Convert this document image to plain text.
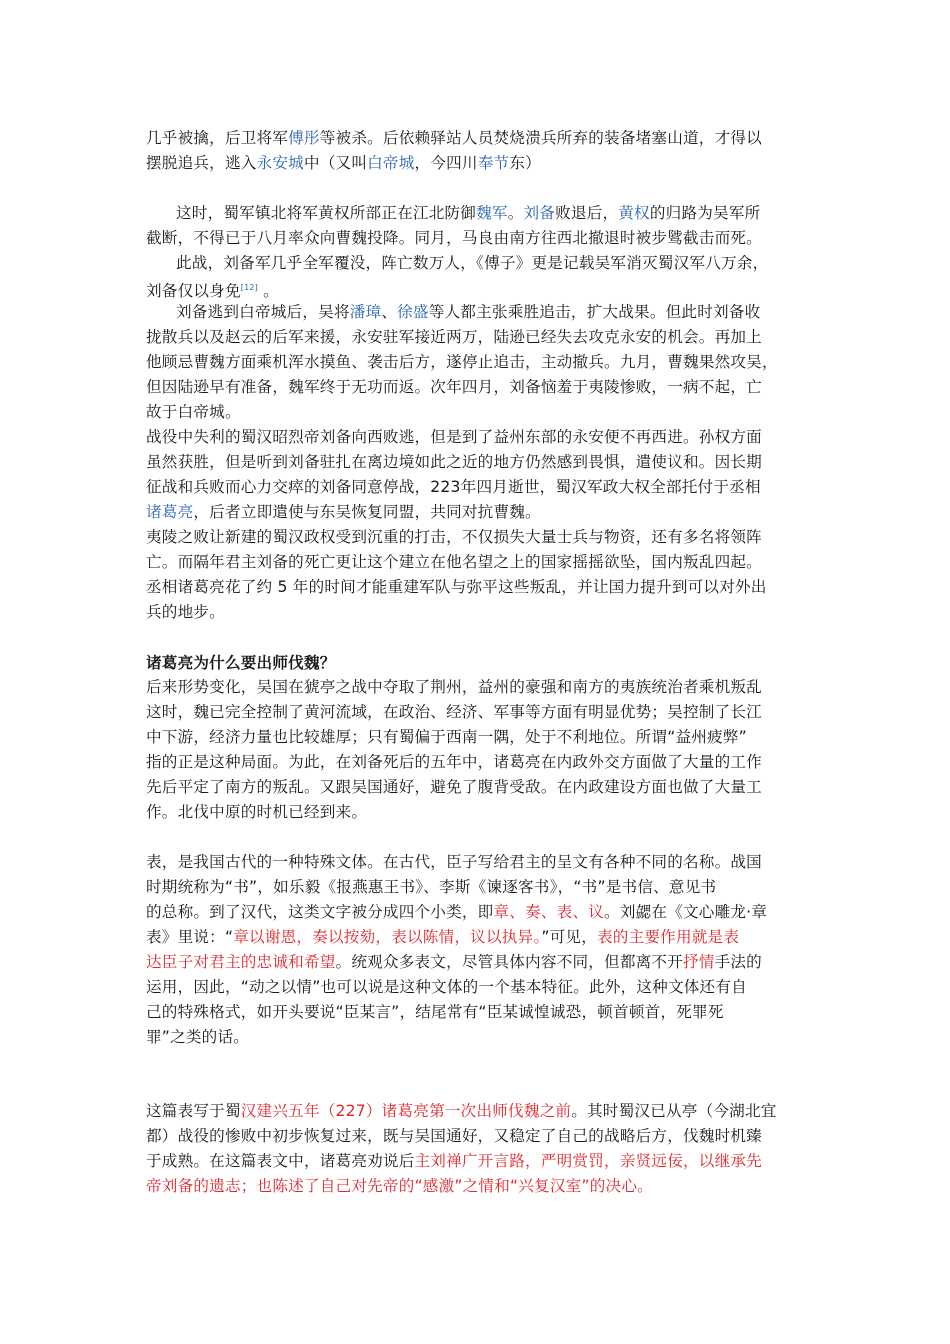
几乎被擒，后卫将军傅彤等被杀。后依赖驿站人员焚烧溃兵所弃的装备堵塞山道，才得以
摆脱追兵，逃入永安城中（又叫白帝城，今四川奉节东）
这时，蜀军镇北将军黄权所部正在江北防御魏军。刘备败退后，黄权的归路为吴军所
截断，不得已于八月率众向曹魏投降。同月，马良由南方往西北撤退时被步骘截击而死。
此战，刘备军几乎全军覆没，阵亡数万人，《傅子》更是记载吴军消灭蜀汉军八万余，
刘备仅以身免[12] 。
刘备逃到白帝城后，吴将潘璋、徐盛等人都主张乘胜追击，扩大战果。但此时刘备收
拢散兵以及赵云的后军来援，永安驻军接近两万，陆逊已经失去攻克永安的机会。再加上
他顾忌曹魏方面乘机浑水摸鱼、袭击后方，遂停止追击，主动撤兵。九月，曹魏果然攻吴，
但因陆逊早有准备，魏军终于无功而返。次年四月，刘备恼羞于夷陵惨败，一病不起，亡
故于白帝城。
战役中失利的蜀汉昭烈帝刘备向西败逃，但是到了益州东部的永安便不再西进。孙权方面
虽然获胜，但是听到刘备驻扎在离边境如此之近的地方仍然感到畏惧，遣使议和。因长期
征战和兵败而心力交瘁的刘备同意停战，223年四月逝世，蜀汉军政大权全部托付于丞相
诸葛亮，后者立即遣使与东吴恢复同盟，共同对抗曹魏。
夷陵之败让新建的蜀汉政权受到沉重的打击，不仅损失大量士兵与物资，还有多名将领阵
亡。而隔年君主刘备的死亡更让这个建立在他名望之上的国家摇摇欲坠，国内叛乱四起。
丞相诸葛亮花了约 5 年的时间才能重建军队与弥平这些叛乱，并让国力提升到可以对外出
兵的地步。
诸葛亮为什么要出师伐魏？
后来形势变化，吴国在猇亭之战中夺取了荆州，益州的豪强和南方的夷族统治者乘机叛乱
这时，魏已完全控制了黄河流域，在政治、经济、军事等方面有明显优势；吴控制了长江
中下游，经济力量也比较雄厚；只有蜀偏于西南一隅，处于不利地位。所谓“益州疲弊”
指的正是这种局面。为此，在刘备死后的五年中，诸葛亮在内政外交方面做了大量的工作
先后平定了南方的叛乱。又跟吴国通好，避免了腹背受敌。在内政建设方面也做了大量工
作。北伐中原的时机已经到来。
表，是我国古代的一种特殊文体。在古代，臣子写给君主的呈文有各种不同的名称。战国
时期统称为“书”，如乐毅《报燕惠王书》、李斯《谏逐客书》，“书”是书信、意见书
的总称。到了汉代，这类文字被分成四个小类，即章、奏、表、议。刘勰在《文心雕龙·章
表》里说：“章以谢恩，奏以按劾，表以陈情，议以执异。”可见，表的主要作用就是表
达臣子对君主的忠诚和希望。统观众多表文，尽管具体内容不同，但都离不开抒情手法的
运用，因此，“动之以情”也可以说是这种文体的一个基本特征。此外，这种文体还有自
己的特殊格式，如开头要说“臣某言”，结尾常有“臣某诚惶诚恐，顿首顿首，死罪死
罪”之类的话。
这篇表写于蜀汉建兴五年（227）诸葛亮第一次出师伐魏之前。其时蜀汉已从亭（今湖北宜
都）战役的惨败中初步恢复过来，既与吴国通好，又稳定了自己的战略后方，伐魏时机臻
于成熟。在这篇表文中，诸葛亮劝说后主刘禅广开言路，严明赏罚，亲贤远佞，以继承先
帝刘备的遗志；也陈述了自己对先帝的“感激”之情和“兴复汉室”的决心。
